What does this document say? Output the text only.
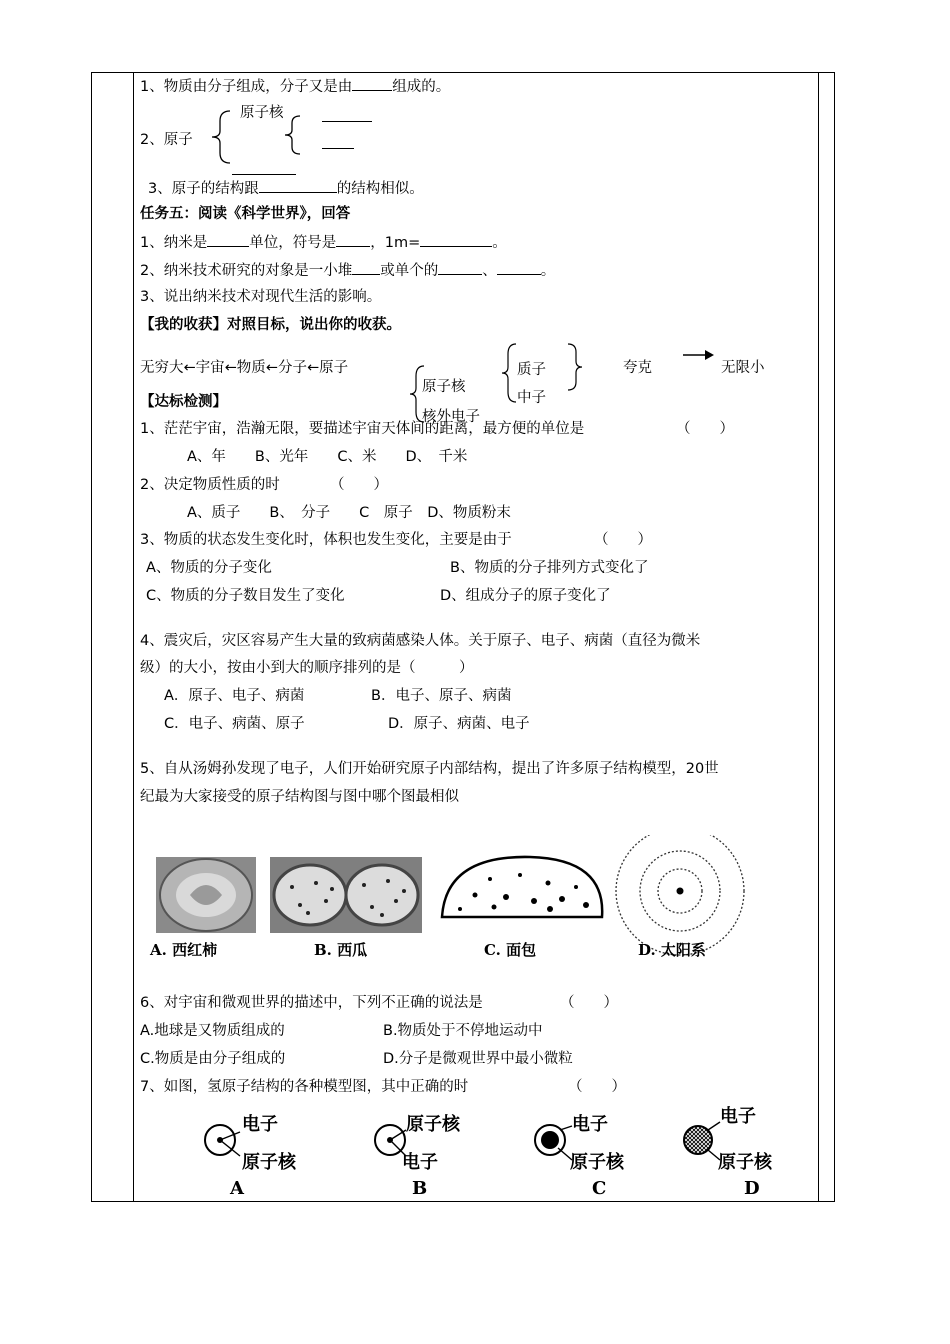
1、物质由分子组成，分子又是由	组成的。
2、原子
原子核
3、原子的结构跟	的结构相似。
任务五：阅读《科学世界》，回答
1、纳米是	单位，符号是 ，1m=	。
2、纳米技术研究的对象是一小堆 或单个的	、	。
3、说出纳米技术对现代生活的影响。
【我的收获】对照目标，说出你的收获。
无穷大←宇宙←物质←分子←原子
原子核
核外电子
质子
中子
夸克	无限小
【达标检测】
1、茫茫宇宙，浩瀚无限，要描述宇宙天体间的距离，最方便的单位是	（　　）
A、年　　B、光年　　C、米　　D、　千米
2、决定物质性质的时	（　　）
A、质子　　B、　分子　　C　原子　D、物质粉末
3、物质的状态发生变化时，体积也发生变化，主要是由于	（　　）
A、物质的分子变化	B、物质的分子排列方式变化了
C、物质的分子数目发生了变化	D、组成分子的原子变化了
4、震灾后，灾区容易产生大量的致病菌感染人体。关于原子、电子、病菌（直径为微米
级）的大小，按由小到大的顺序排列的是（　　　）
A．原子、电子、病菌	B．电子、原子、病菌
C．电子、病菌、原子	D．原子、病菌、电子
5、自从汤姆孙发现了电子，人们开始研究原子内部结构，提出了许多原子结构模型，20世
纪最为大家接受的原子结构图与图中哪个图最相似
A. 西红柿	B. 西瓜	C. 面包	D. 太阳系
6、对宇宙和微观世界的描述中，下列不正确的说法是	（　　）
A.地球是又物质组成的	B.物质处于不停地运动中
C.物质是由分子组成的	D.分子是微观世界中最小微粒
7、如图，氢原子结构的各种模型图，其中正确的时	（　　）
电子
原子核
A
原子核
电子
B
电子
原子核
C
电子
原子核
D
